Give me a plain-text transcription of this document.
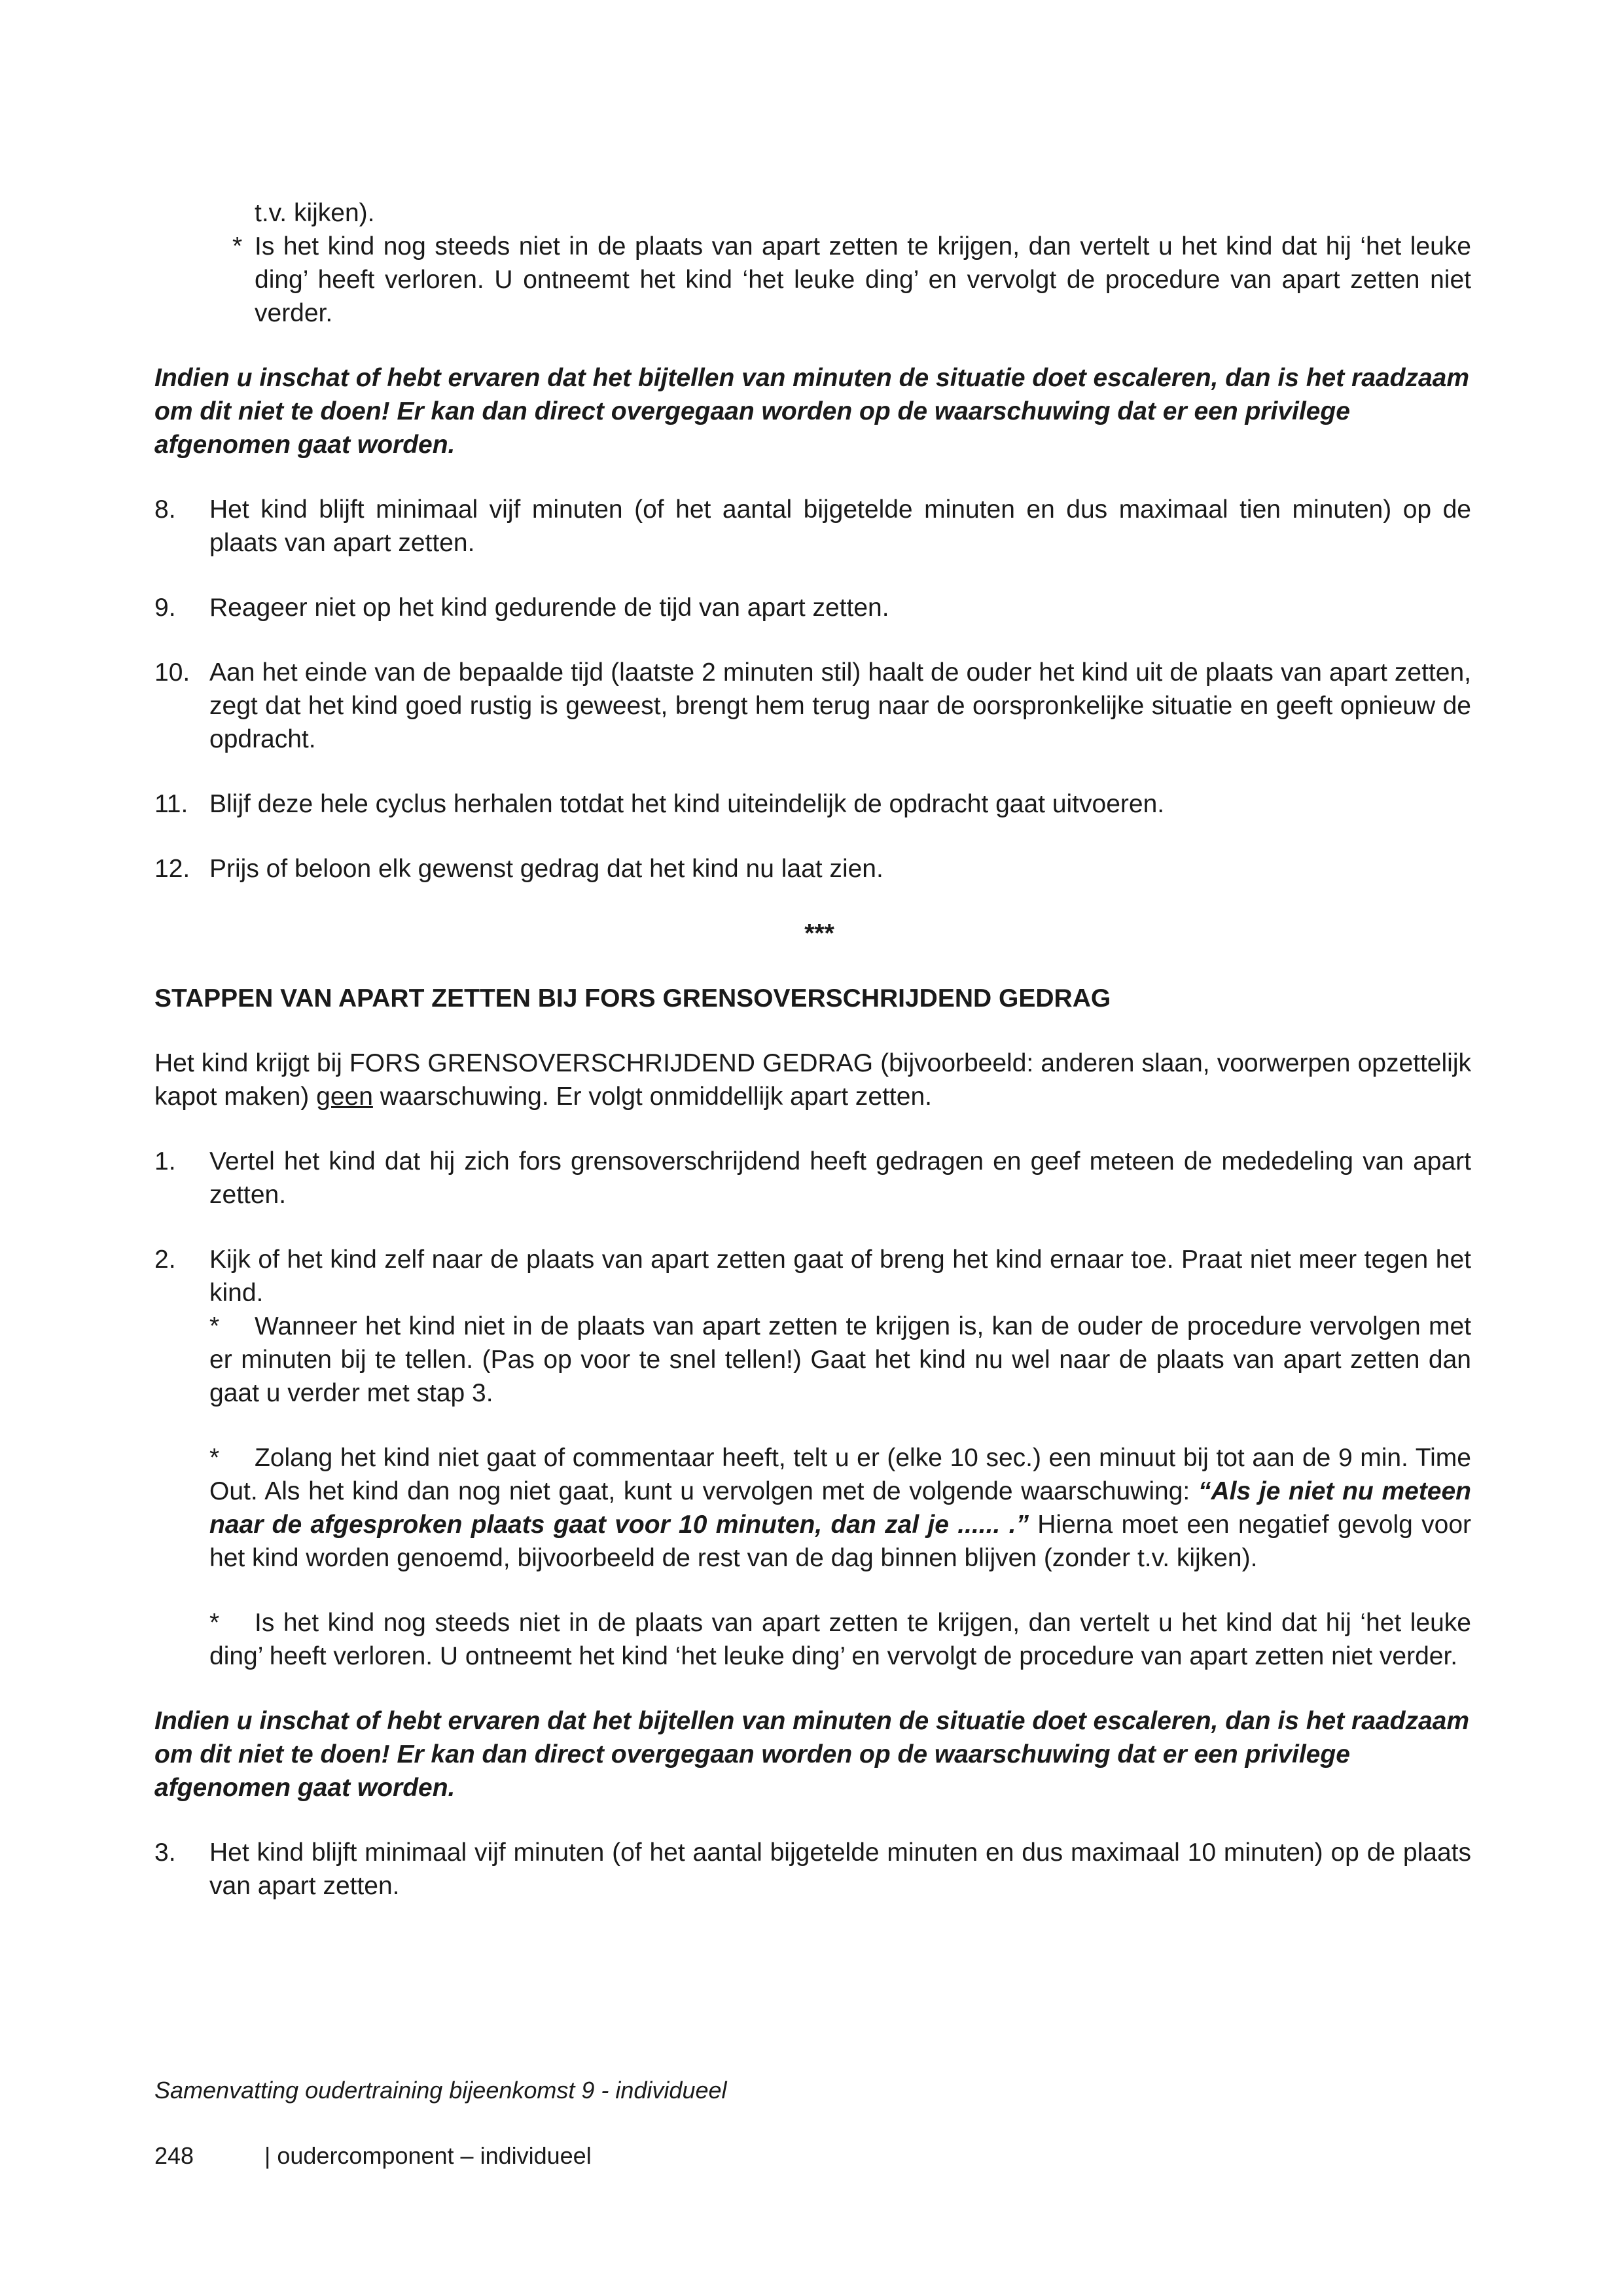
t.v. kijken).

* Is het kind nog steeds niet in de plaats van apart zetten te krijgen, dan vertelt u het kind dat hij ‘het leuke ding’ heeft verloren. U ontneemt het kind ‘het leuke ding’ en vervolgt de procedure van apart zetten niet verder.

Indien u inschat of hebt ervaren dat het bijtellen van minuten de situatie doet escaleren, dan is het raadzaam om dit niet te doen! Er kan dan direct overgegaan worden op de waarschuwing dat er een privilege afgenomen gaat worden.

8.	Het kind blijft minimaal vijf minuten (of het aantal bijgetelde minuten en dus maximaal tien minuten) op de plaats van apart zetten.
9.	Reageer niet op het kind gedurende de tijd van apart zetten.
10. Aan het einde van de bepaalde tijd (laatste 2 minuten stil) haalt de ouder het kind uit de plaats van apart zetten, zegt dat het kind goed rustig is geweest, brengt hem terug naar de oorspronkelijke situatie en geeft opnieuw de opdracht.
11. Blijf deze hele cyclus herhalen totdat het kind uiteindelijk de opdracht gaat uitvoeren.
12. Prijs of beloon elk gewenst gedrag dat het kind nu laat zien.

***

STAPPEN VAN APART ZETTEN BIJ FORS GRENSOVERSCHRIJDEND GEDRAG

Het kind krijgt bij FORS GRENSOVERSCHRIJDEND GEDRAG (bijvoorbeeld: anderen slaan, voorwerpen opzettelijk kapot maken) geen waarschuwing. Er volgt onmiddellijk apart zetten.

1.	Vertel het kind dat hij zich fors grensoverschrijdend heeft gedragen en geef meteen de mededeling van apart zetten.
2.	Kijk of het kind zelf naar de plaats van apart zetten gaat of breng het kind ernaar toe. Praat niet meer tegen het kind.

* Wanneer het kind niet in de plaats van apart zetten te krijgen is, kan de ouder de procedure vervolgen met er minuten bij te tellen. (Pas op voor te snel tellen!) Gaat het kind nu wel naar de plaats van apart zetten dan gaat u verder met stap 3.

* Zolang het kind niet gaat of commentaar heeft, telt u er (elke 10 sec.) een minuut bij tot aan de 9 min. Time Out. Als het kind dan nog niet gaat, kunt u vervolgen met de volgende waarschuwing: “Als je niet nu meteen naar de afgesproken plaats gaat voor 10 minuten, dan zal je ...... .” Hierna moet een negatief gevolg voor het kind worden genoemd, bijvoorbeeld de rest van de dag binnen blijven (zonder t.v. kijken).

* Is het kind nog steeds niet in de plaats van apart zetten te krijgen, dan vertelt u het kind dat hij ‘het leuke ding’ heeft verloren. U ontneemt het kind ‘het leuke ding’ en vervolgt de procedure van apart zetten niet verder.

Indien u inschat of hebt ervaren dat het bijtellen van minuten de situatie doet escaleren, dan is het raadzaam om dit niet te doen! Er kan dan direct overgegaan worden op de waarschuwing dat er een privilege afgenomen gaat worden.

3.	Het kind blijft minimaal vijf minuten (of het aantal bijgetelde minuten en dus maximaal 10 minuten) op de plaats van apart zetten.
Samenvatting oudertraining bijeenkomst 9 - individueel
248	| oudercomponent – individueel
